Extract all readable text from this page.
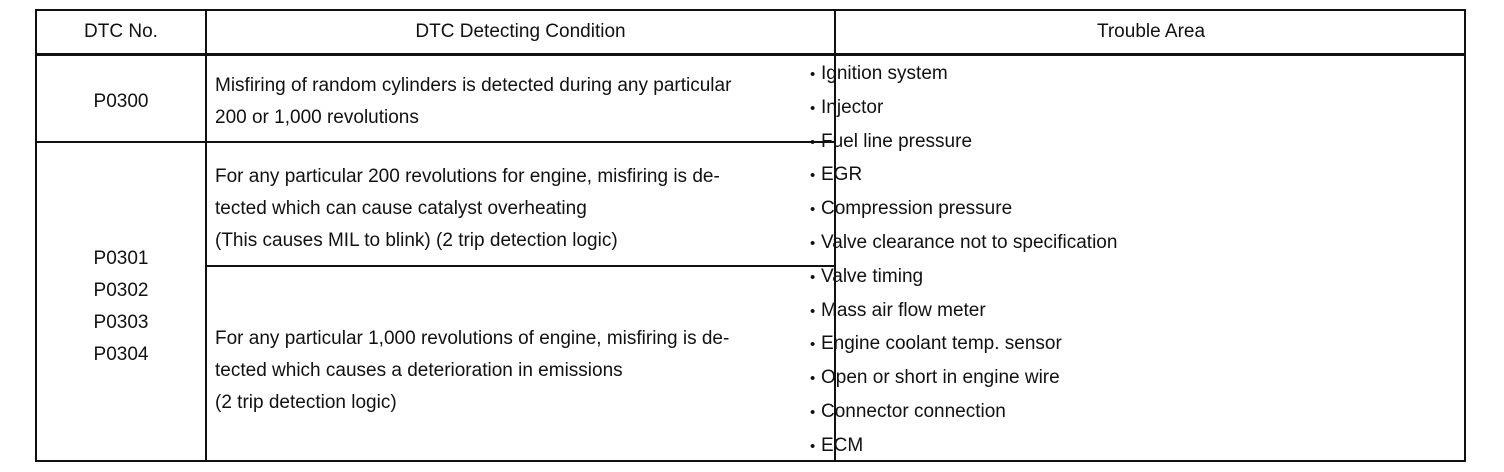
DTC No.	DTC Detecting Condition	Trouble Area
P0300
P0301
P0302
P0303
P0304
Misfiring of random cylinders is detected during any particular
200 or 1,000 revolutions
For any particular 200 revolutions for engine, misfiring is de-
tected which can cause catalyst overheating
(This causes MIL to blink) (2 trip detection logic)
For any particular 1,000 revolutions of engine, misfiring is de-
tected which causes a deterioration in emissions
(2 trip detection logic)
• Ignition system
• Injector
• Fuel line pressure
• EGR
• Compression pressure
• Valve clearance not to specification
• Valve timing
• Mass air flow meter
• Engine coolant temp. sensor
• Open or short in engine wire
• Connector connection
• ECM
